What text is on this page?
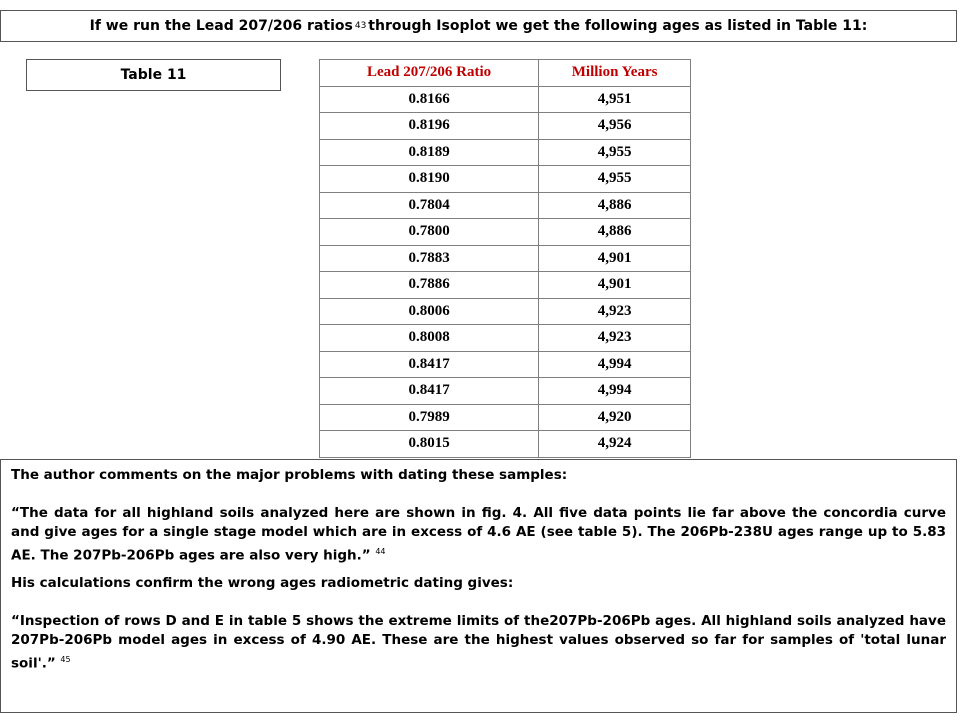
If we run the Lead 207/206 ratios 43 through Isoplot we get the following ages as listed in Table 11:
Table 11	Lead 207/206 Ratio	Million Years
0.8166	4,951
0.8196	4,956
0.8189	4,955
0.8190	4,955
0.7804	4,886
0.7800	4,886
0.7883	4,901
0.7886	4,901
0.8006	4,923
0.8008	4,923
0.8417	4,994
0.8417	4,994
0.7989	4,920
0.8015	4,924

The author comments on the major problems with dating these samples:

“The data for all highland soils analyzed here are shown in fig. 4. All five data points lie far above the concordia curve and give ages for a single stage model which are in excess of 4.6 AE (see table 5). The 206Pb-238U ages range up to 5.83 AE. The 207Pb-206Pb ages are also very high.” $^{44}$

His calculations confirm the wrong ages radiometric dating gives:

“Inspection of rows D and E in table 5 shows the extreme limits of the207Pb-206Pb ages. All highland soils analyzed have 207Pb-206Pb model ages in excess of 4.90 AE. These are the highest values observed so far for samples of 'total lunar soil'.” $^{45}$
